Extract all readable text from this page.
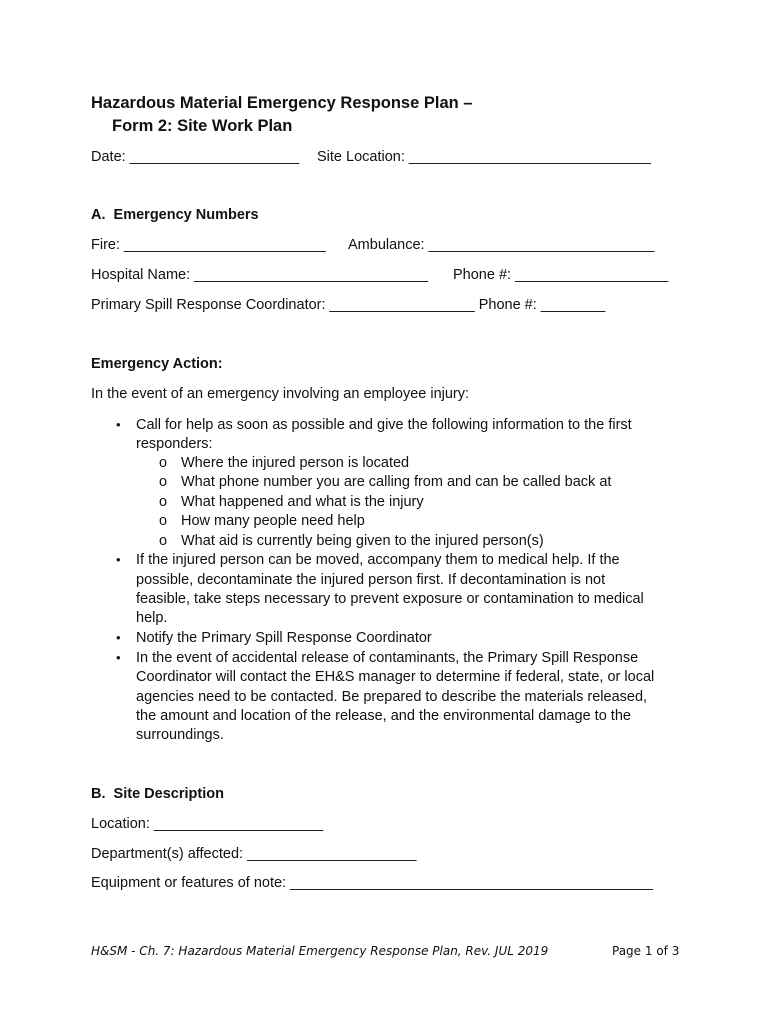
Hazardous Material Emergency Response Plan –
Form 2: Site Work Plan
Date: _____________________ Site Location: ______________________________
A.  Emergency Numbers
Fire: _________________________ Ambulance: ____________________________
Hospital Name: _____________________________ Phone #: ___________________
Primary Spill Response Coordinator: __________________ Phone #: ________
Emergency Action:
In the event of an emergency involving an employee injury:
• Call for help as soon as possible and give the following information to the first
responders:
o Where the injured person is located
o What phone number you are calling from and can be called back at
o What happened and what is the injury
o How many people need help
o What aid is currently being given to the injured person(s)
• If the injured person can be moved, accompany them to medical help. If the
possible, decontaminate the injured person first. If decontamination is not
feasible, take steps necessary to prevent exposure or contamination to medical
help.
• Notify the Primary Spill Response Coordinator
• In the event of accidental release of contaminants, the Primary Spill Response
Coordinator will contact the EH&S manager to determine if federal, state, or local
agencies need to be contacted. Be prepared to describe the materials released,
the amount and location of the release, and the environmental damage to the
surroundings.
B.  Site Description
Location: _____________________
Department(s) affected: _____________________
Equipment or features of note: _____________________________________________
H&SM - Ch. 7: Hazardous Material Emergency Response Plan, Rev. JUL 2019	Page 1 of 3
